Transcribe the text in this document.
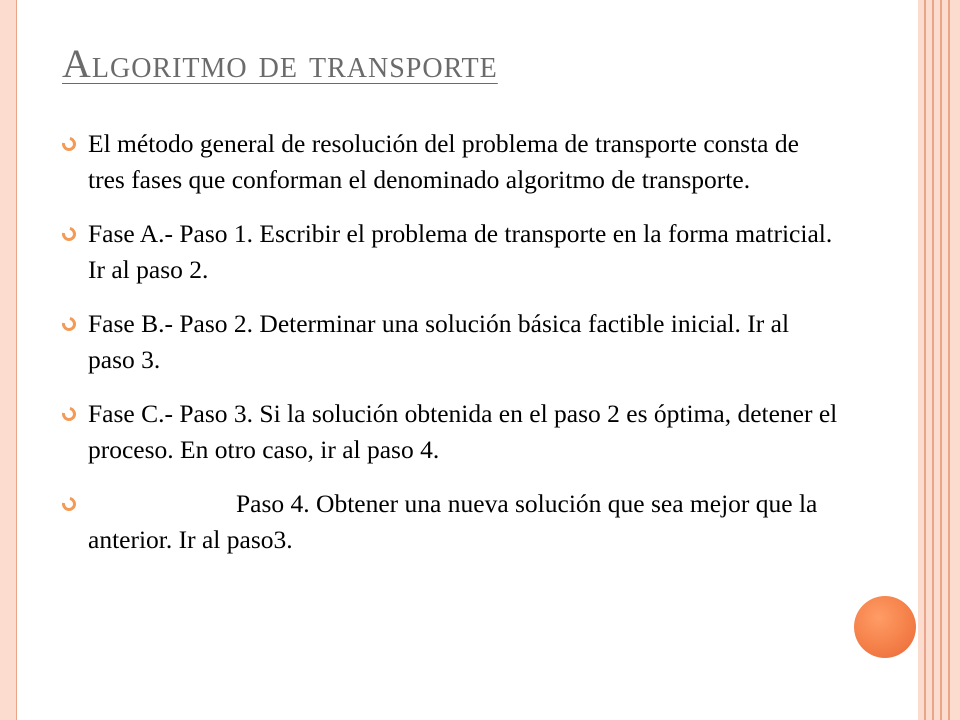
Algoritmo de transporte
El método general de resolución del problema de transporte consta de tres fases que conforman el denominado algoritmo de transporte.
Fase A.- Paso 1. Escribir el problema de transporte en la forma matricial. Ir al paso 2.
Fase B.- Paso 2. Determinar una solución básica factible inicial. Ir al paso 3.
Fase C.- Paso 3. Si la solución obtenida en el paso 2 es óptima, detener el proceso. En otro caso, ir al paso 4.
Paso 4. Obtener una nueva solución que sea mejor que la anterior. Ir al paso3.
